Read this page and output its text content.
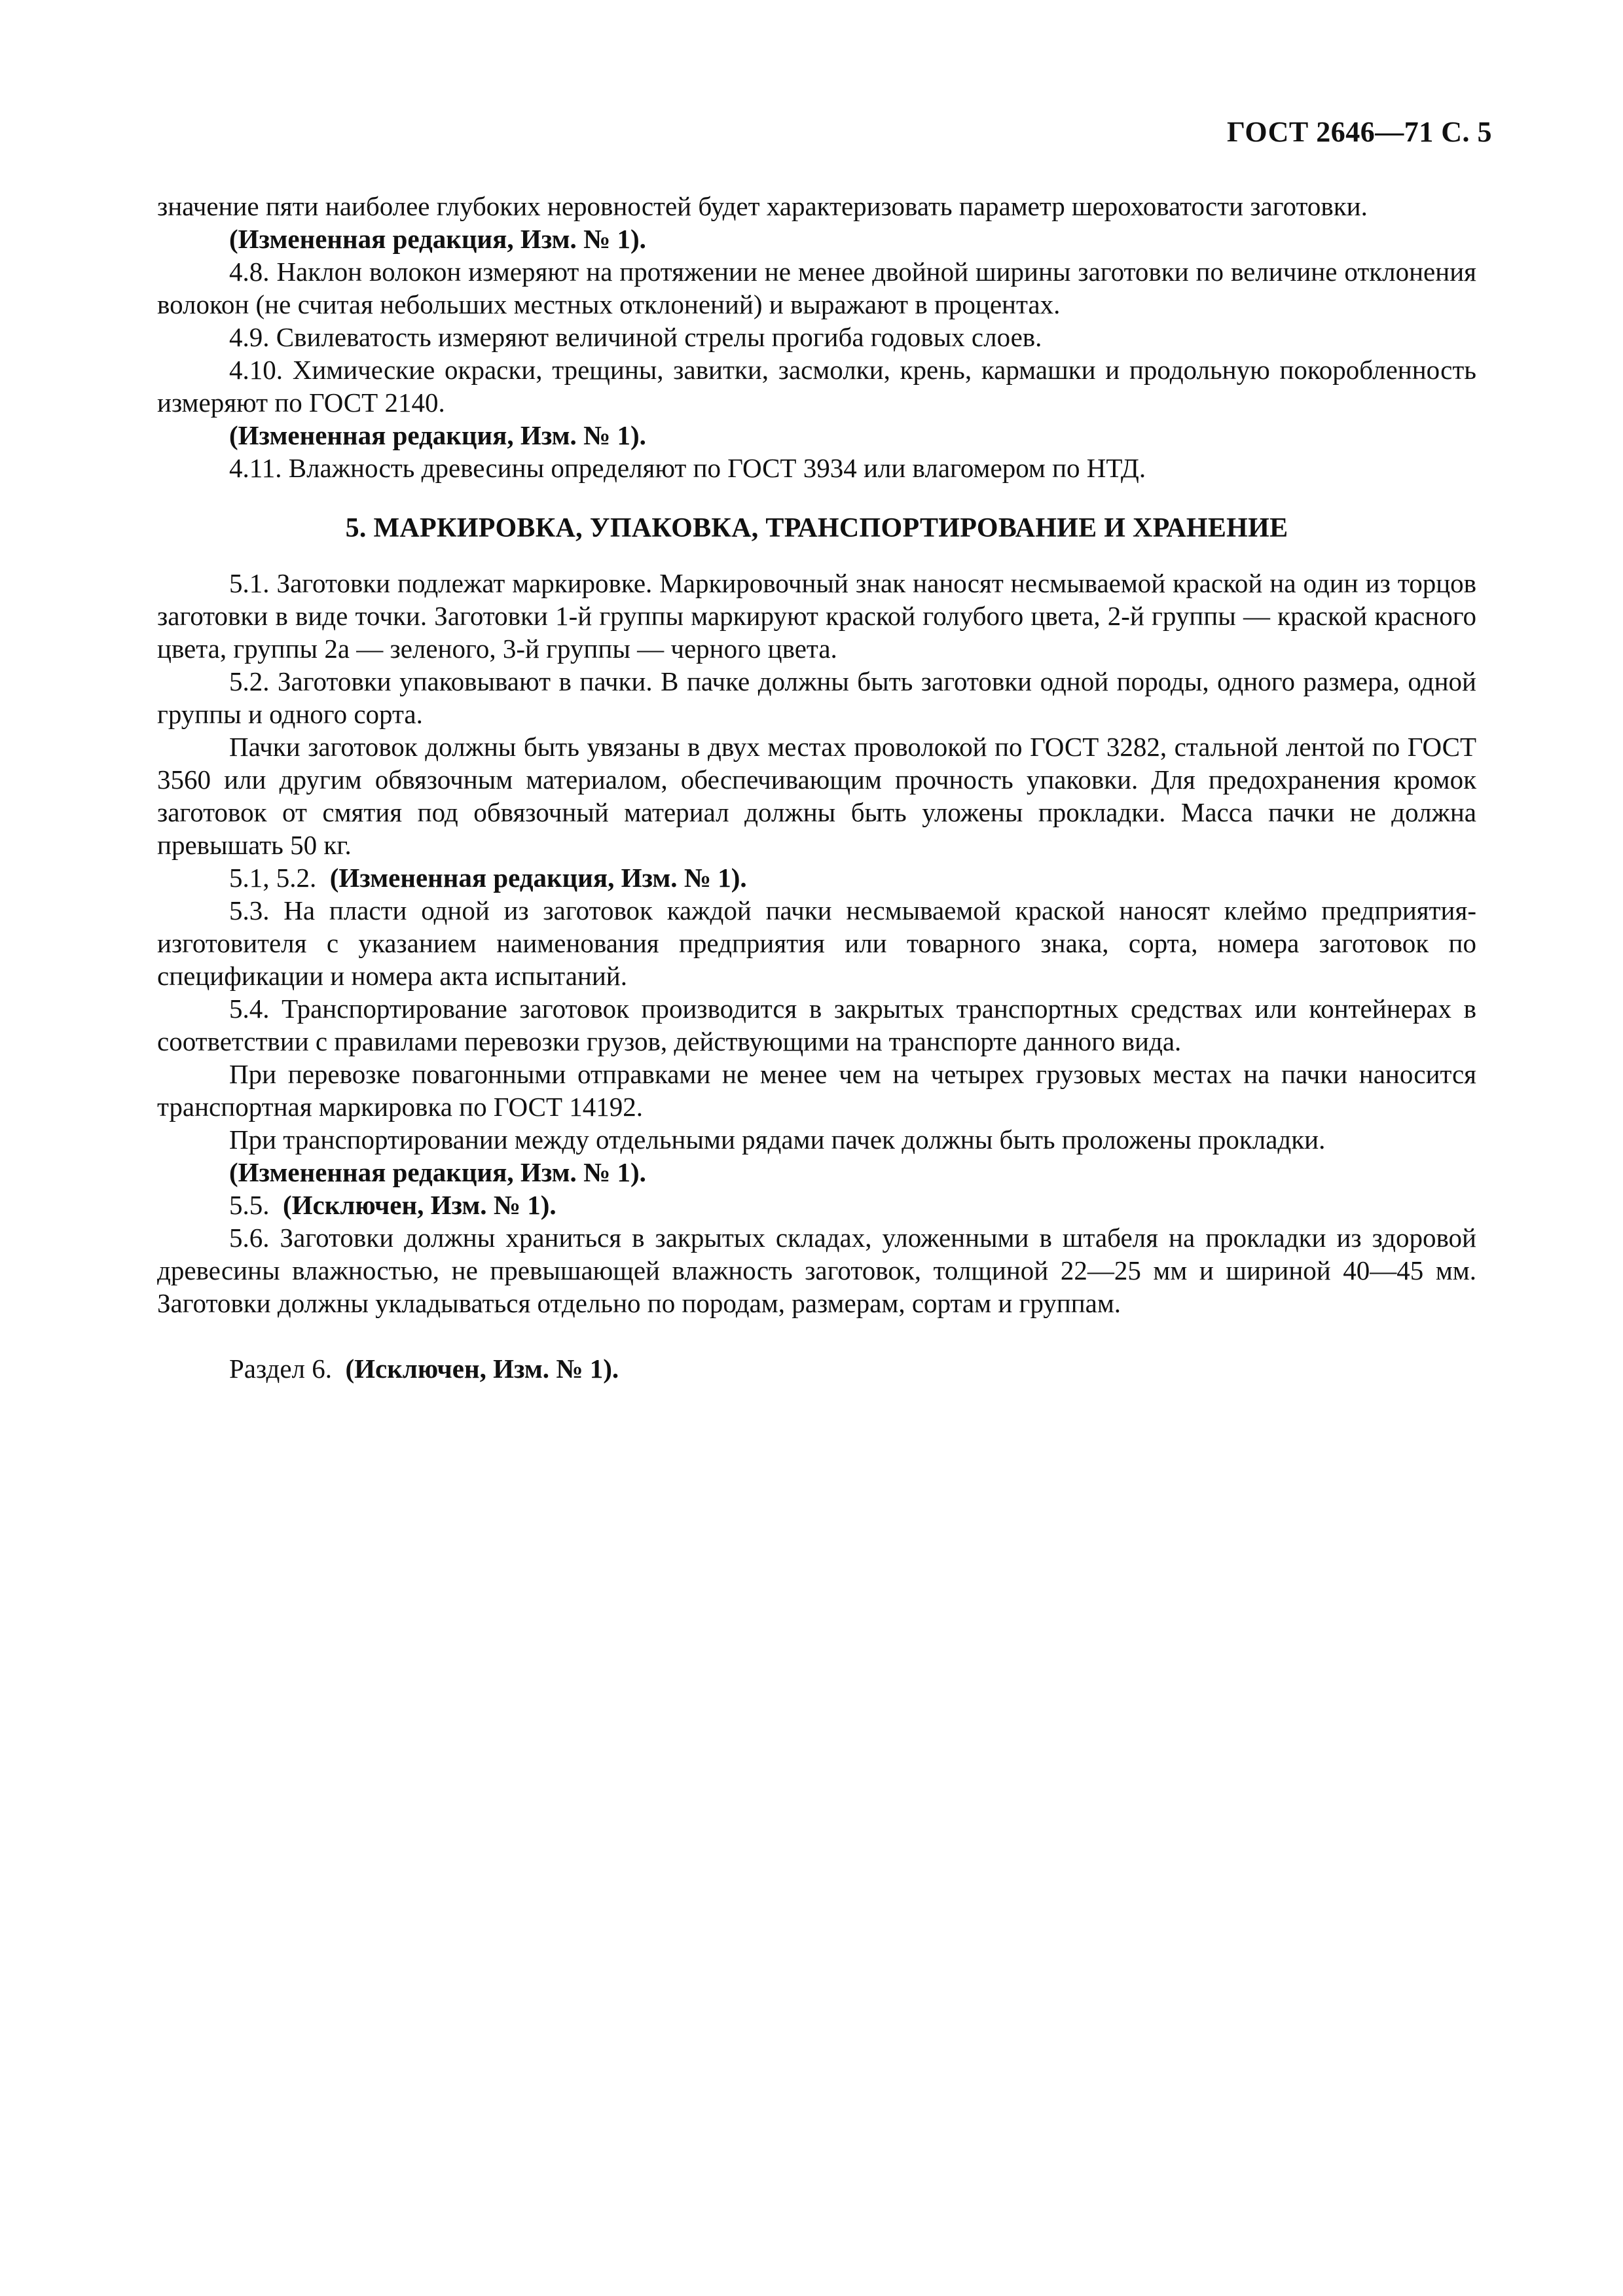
ГОСТ 2646—71 С. 5

значение пяти наиболее глубоких неровностей будет характеризовать параметр шероховатости заготовки.

(Измененная редакция, Изм. № 1).

4.8. Наклон волокон измеряют на протяжении не менее двойной ширины заготовки по величине отклонения волокон (не считая небольших местных отклонений) и выражают в процентах.

4.9. Свилеватость измеряют величиной стрелы прогиба годовых слоев.

4.10. Химические окраски, трещины, завитки, засмолки, крень, кармашки и продольную покоробленность измеряют по ГОСТ 2140.

(Измененная редакция, Изм. № 1).

4.11. Влажность древесины определяют по ГОСТ 3934 или влагомером по НТД.

5. МАРКИРОВКА, УПАКОВКА, ТРАНСПОРТИРОВАНИЕ И ХРАНЕНИЕ

5.1. Заготовки подлежат маркировке. Маркировочный знак наносят несмываемой краской на один из торцов заготовки в виде точки. Заготовки 1-й группы маркируют краской голубого цвета, 2-й группы — краской красного цвета, группы 2а — зеленого, 3-й группы — черного цвета.

5.2. Заготовки упаковывают в пачки. В пачке должны быть заготовки одной породы, одного размера, одной группы и одного сорта.

Пачки заготовок должны быть увязаны в двух местах проволокой по ГОСТ 3282, стальной лентой по ГОСТ 3560 или другим обвязочным материалом, обеспечивающим прочность упаковки. Для предохранения кромок заготовок от смятия под обвязочный материал должны быть уложены прокладки. Масса пачки не должна превышать 50 кг.

5.1, 5.2. (Измененная редакция, Изм. № 1).

5.3. На пласти одной из заготовок каждой пачки несмываемой краской наносят клеймо предприятия-изготовителя с указанием наименования предприятия или товарного знака, сорта, номера заготовок по спецификации и номера акта испытаний.

5.4. Транспортирование заготовок производится в закрытых транспортных средствах или контейнерах в соответствии с правилами перевозки грузов, действующими на транспорте данного вида.

При перевозке повагонными отправками не менее чем на четырех грузовых местах на пачки наносится транспортная маркировка по ГОСТ 14192.

При транспортировании между отдельными рядами пачек должны быть проложены прокладки.

(Измененная редакция, Изм. № 1).

5.5. (Исключен, Изм. № 1).

5.6. Заготовки должны храниться в закрытых складах, уложенными в штабеля на прокладки из здоровой древесины влажностью, не превышающей влажность заготовок, толщиной 22—25 мм и шириной 40—45 мм. Заготовки должны укладываться отдельно по породам, размерам, сортам и группам.

Раздел 6. (Исключен, Изм. № 1).
